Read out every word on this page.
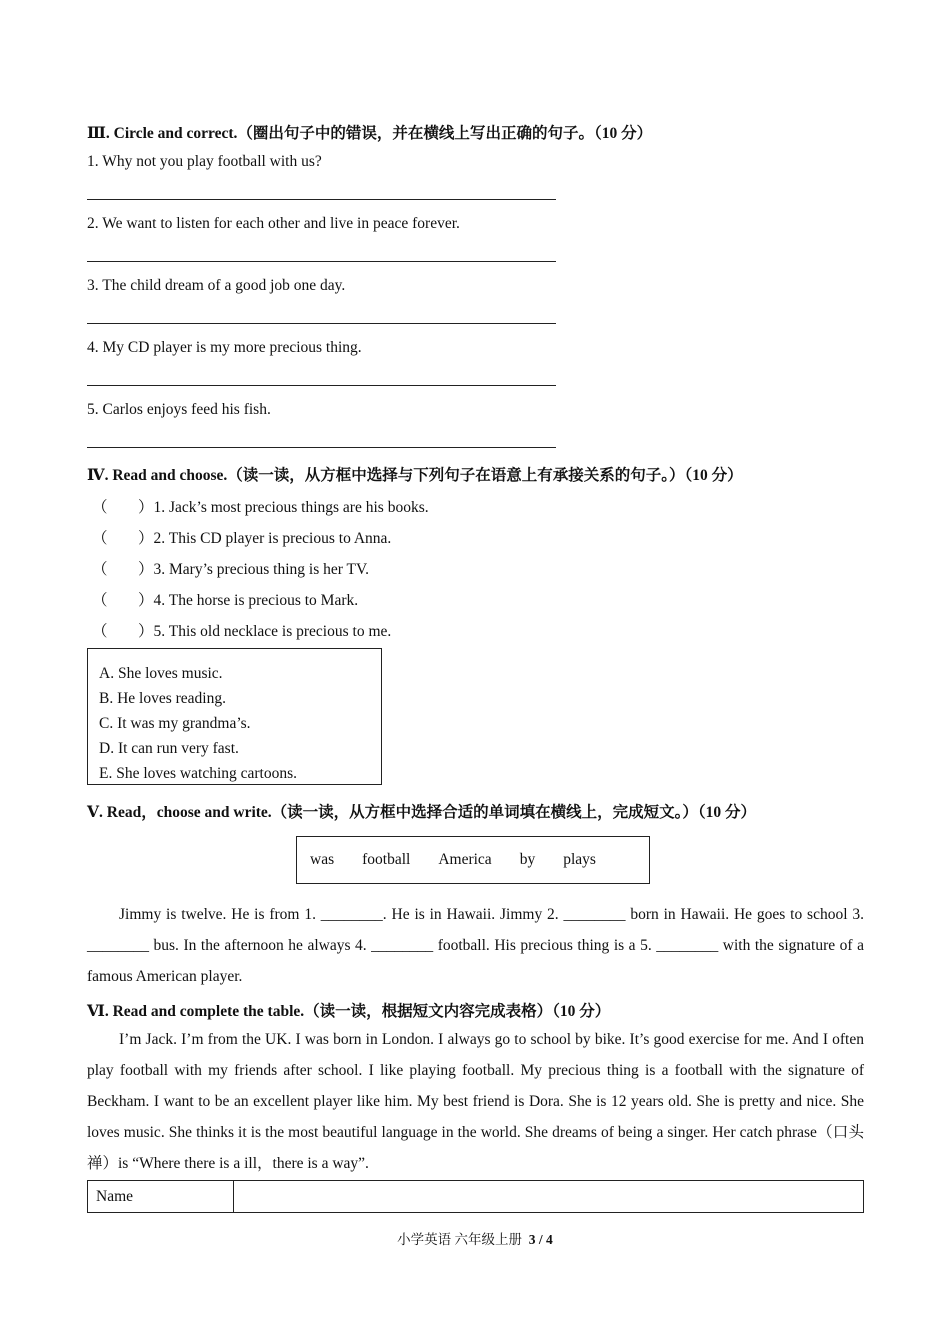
Ⅲ. Circle and correct.（圈出句子中的错误，并在横线上写出正确的句子。（10 分）
1. Why not you play football with us?
2. We want to listen for each other and live in peace forever.
3. The child dream of a good job one day.
4. My CD player is my more precious thing.
5. Carlos enjoys feed his fish.
Ⅳ. Read and choose.（读一读，从方框中选择与下列句子在语意上有承接关系的句子。）（10 分）
（ ）1. Jack’s most precious things are his books.
（ ）2. This CD player is precious to Anna.
（ ）3. Mary’s precious thing is her TV.
（ ）4. The horse is precious to Mark.
（ ）5. This old necklace is precious to me.
A. She loves music.
B. He loves reading.
C. It was my grandma’s.
D. It can run very fast.
E. She loves watching cartoons.
Ⅴ. Read，choose and write.（读一读，从方框中选择合适的单词填在横线上，完成短文。）（10 分）
was football America by plays

Jimmy is twelve. He is from 1. ________. He is in Hawaii. Jimmy 2. ________ born in Hawaii. He goes to school 3. ________ bus. In the afternoon he always 4. ________ football. His precious thing is a 5. ________ with the signature of a famous American player.

Ⅵ. Read and complete the table.（读一读，根据短文内容完成表格）（10 分）

I’m Jack. I’m from the UK. I was born in London. I always go to school by bike. It’s good exercise for me. And I often play football with my friends after school. I like playing football. My precious thing is a football with the signature of Beckham. I want to be an excellent player like him. My best friend is Dora. She is 12 years old. She is pretty and nice. She loves music. She thinks it is the most beautiful language in the world. She dreams of being a singer. Her catch phrase（口头禅）is “Where there is a ill，there is a way”.

Name
小学英语 六年级上册 3 / 4
